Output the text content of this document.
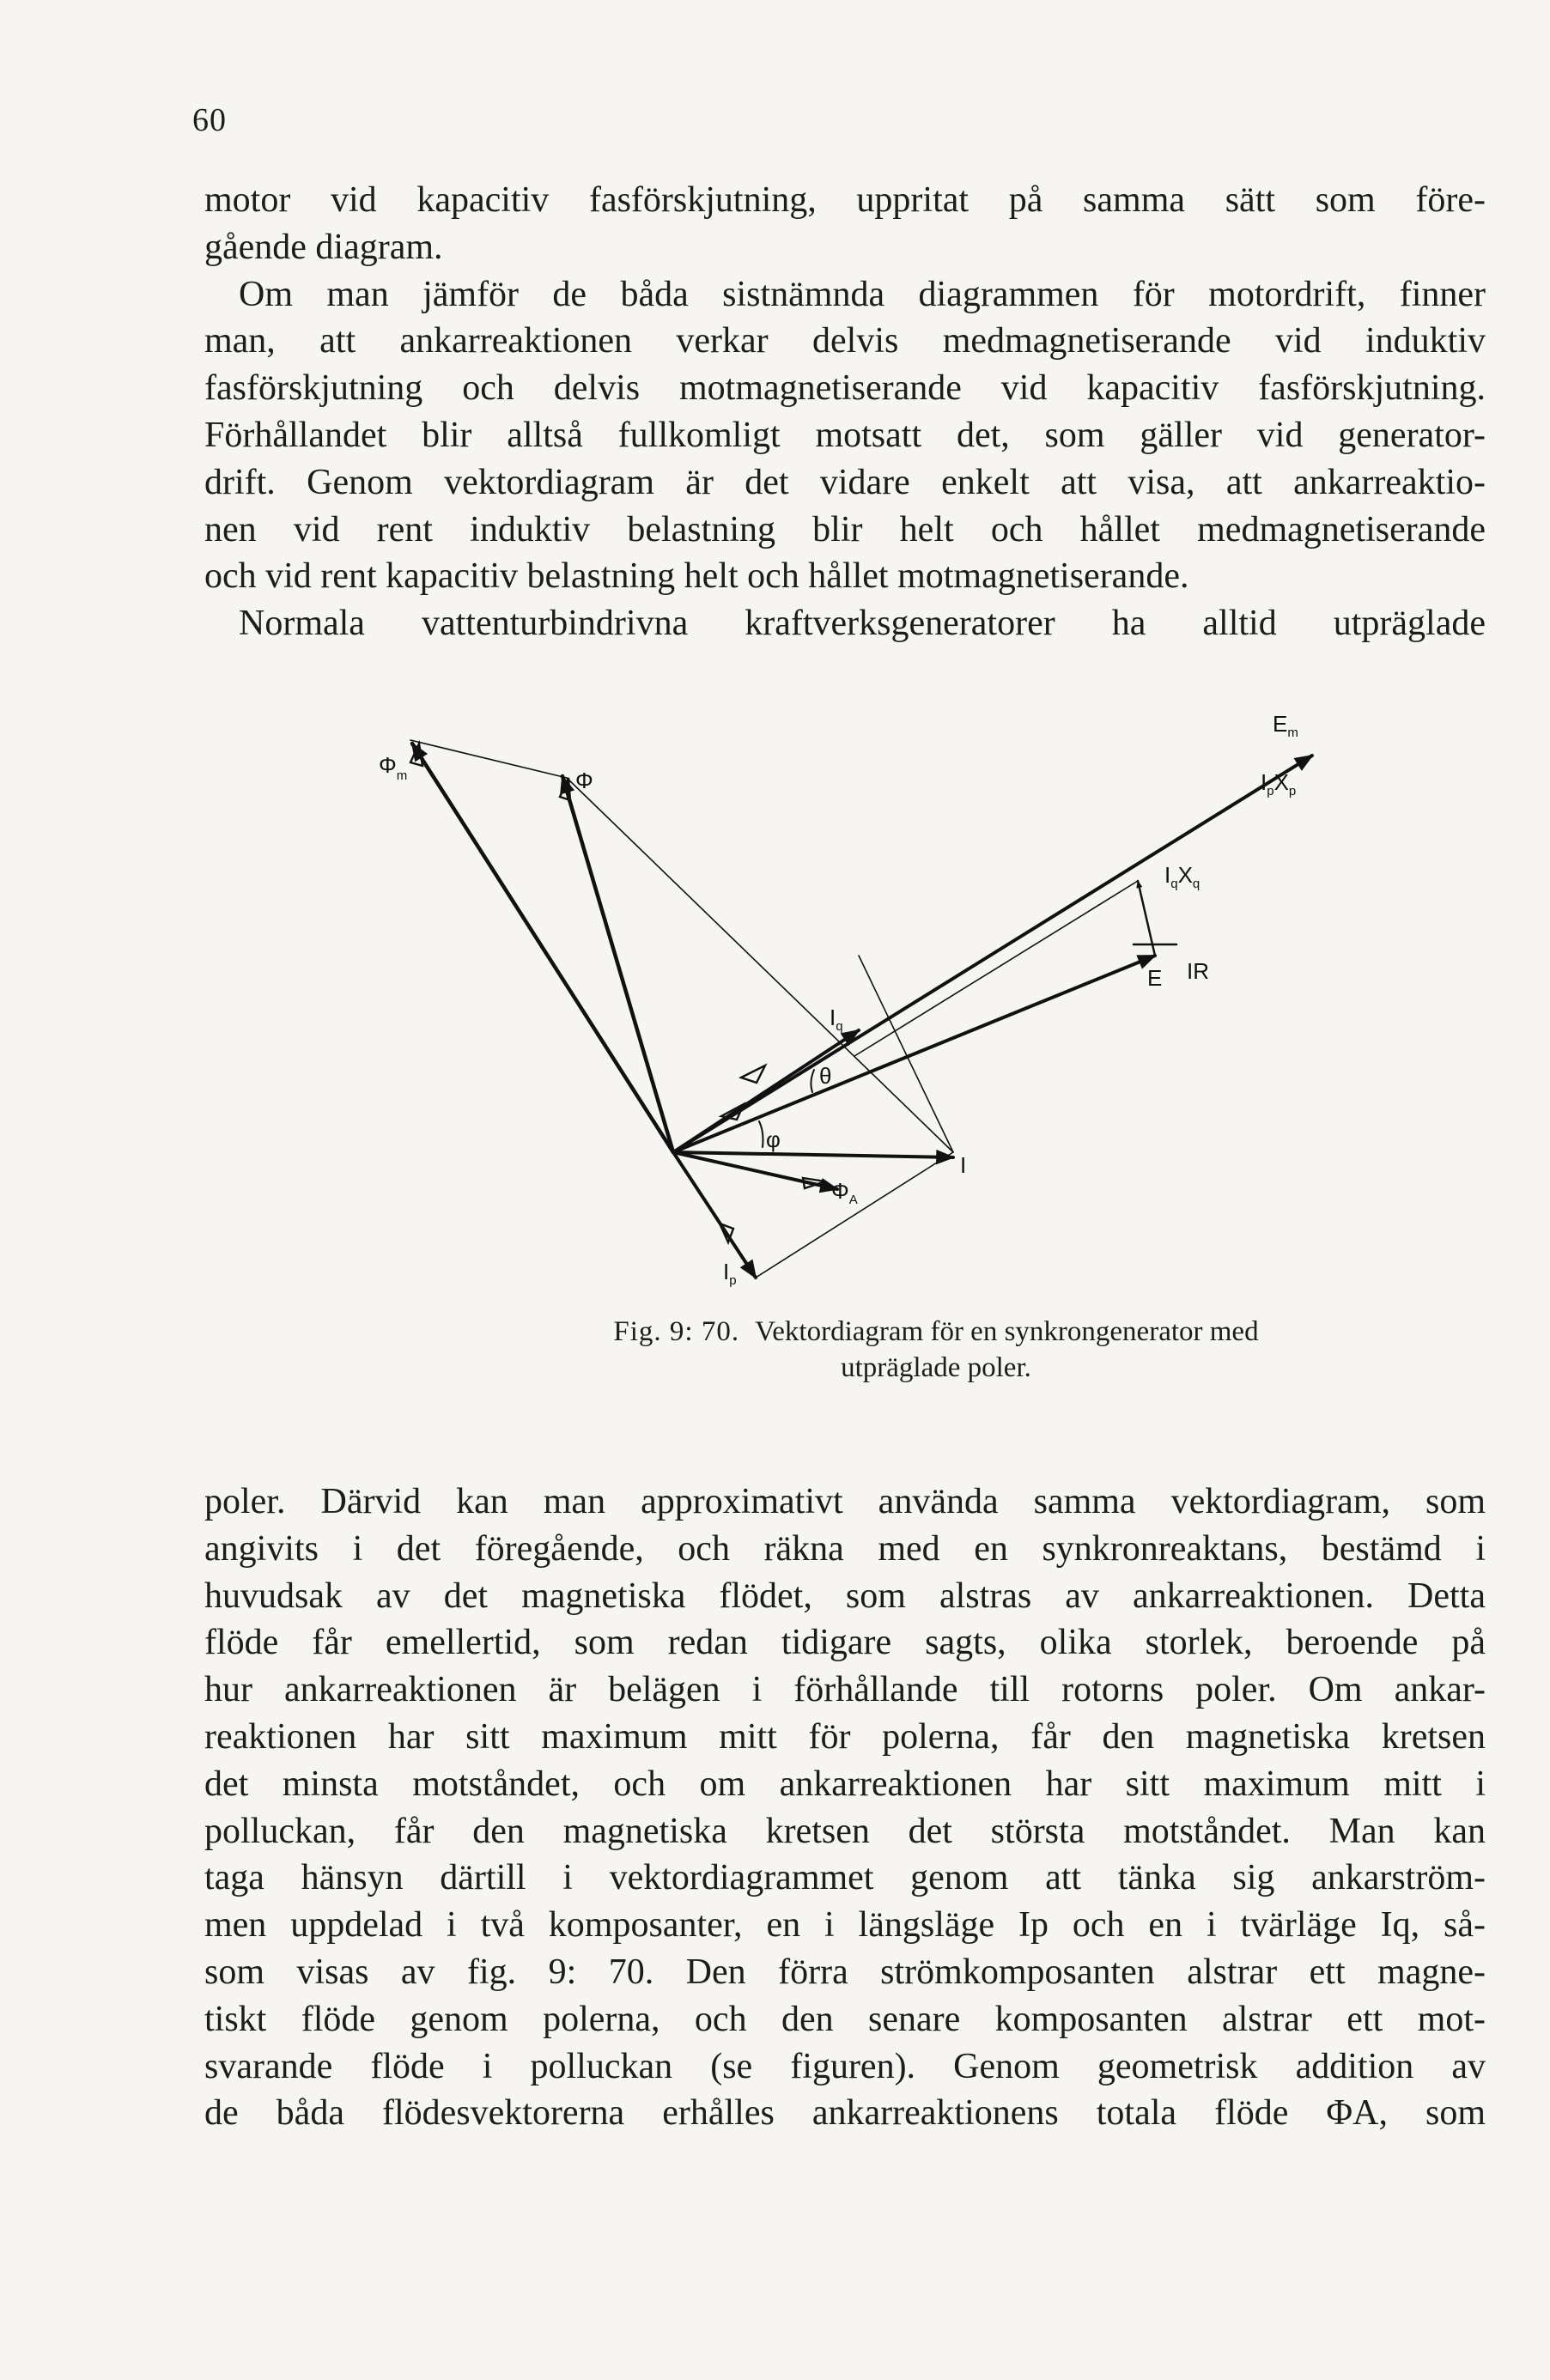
60
motor vid kapacitiv fasförskjutning, uppritat på samma sätt som före-
gående diagram.
Om man jämför de båda sistnämnda diagrammen för motordrift, finner
man, att ankarreaktionen verkar delvis medmagnetiserande vid induktiv
fasförskjutning och delvis motmagnetiserande vid kapacitiv fasförskjutning.
Förhållandet blir alltså fullkomligt motsatt det, som gäller vid generator-
drift. Genom vektordiagram är det vidare enkelt att visa, att ankarreaktio-
nen vid rent induktiv belastning blir helt och hållet medmagnetiserande
och vid rent kapacitiv belastning helt och hållet motmagnetiserande.
Normala vattenturbindrivna kraftverksgeneratorer ha alltid utpräglade
$\Phi_m$	Φ
$E_m$
$I_pX_p$
$I_qX_q$
E IR
$I_q$
θ
φ
I
$\Phi_A$
$I_p$
Fig. 9: 70. Vektordiagram för en synkrongenerator med
utpräglade poler.
poler. Därvid kan man approximativt använda samma vektordiagram, som
angivits i det föregående, och räkna med en synkronreaktans, bestämd i
huvudsak av det magnetiska flödet, som alstras av ankarreaktionen. Detta
flöde får emellertid, som redan tidigare sagts, olika storlek, beroende på
hur ankarreaktionen är belägen i förhållande till rotorns poler. Om ankar-
reaktionen har sitt maximum mitt för polerna, får den magnetiska kretsen
det minsta motståndet, och om ankarreaktionen har sitt maximum mitt i
polluckan, får den magnetiska kretsen det största motståndet. Man kan
taga hänsyn därtill i vektordiagrammet genom att tänka sig ankarström-
men uppdelad i två komposanter, en i längsläge Ip och en i tvärläge Iq, så-
som visas av fig. 9: 70. Den förra strömkomposanten alstrar ett magne-
tiskt flöde genom polerna, och den senare komposanten alstrar ett mot-
svarande flöde i polluckan (se figuren). Genom geometrisk addition av
de båda flödesvektorerna erhålles ankarreaktionens totala flöde ΦA, som
